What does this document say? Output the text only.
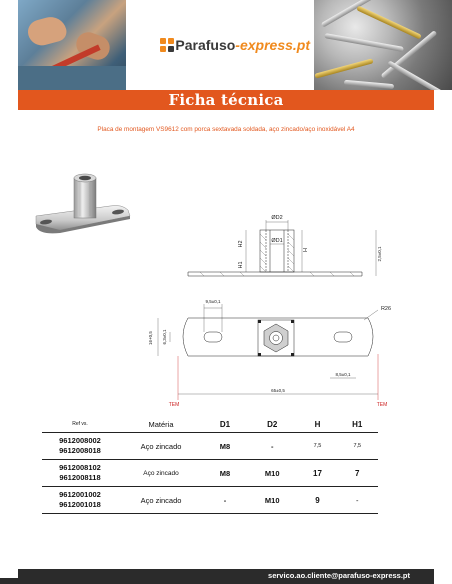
Parafuso-express.pt
Ficha técnica
Placa de montagem VS9612 com porca sextavada soldada, aço zincado/aço inoxidável A4
ØD2
ØD1
H2
H1
H	2,5±0,1
9,5±0,1
R26
16+0,5 6,3±0,1
65±0,5
8,5±0,1
TEM	TEM
Ref vs.	Matéria	D1	D2	H	H1

9612008002
9612008018	Aço zincado	M8	-	7,5	7,5

9612008102
9612008118	Aço zincado	M8	M10	17	7

9612001002
9612001018	Aço zincado	-	M10	9	-
servico.ao.cliente@parafuso-express.pt
